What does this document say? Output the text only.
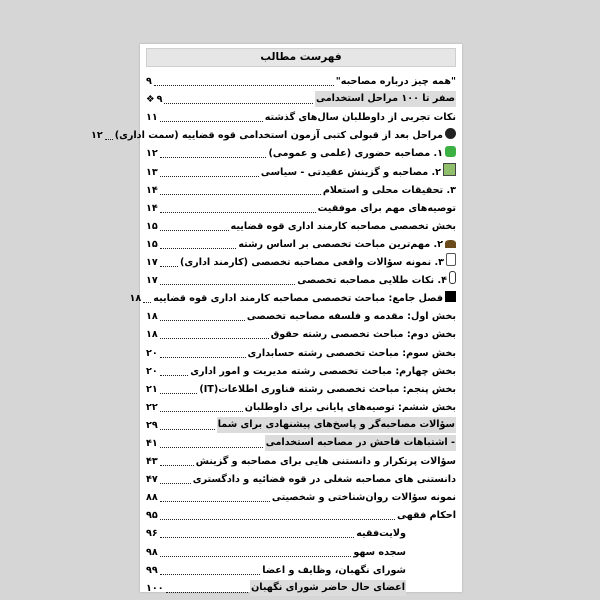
فهرست مطالب
"همه چیز درباره مصاحبه"
۹
صفر تا ۱۰۰ مراحل استخدامی
۹❖
نکات تجربی از داوطلبان سال‌های گذشته
۱۱
مراحل بعد از قبولی کتبی آزمون استخدامی قوه قضاییه (سمت اداری)
۱۲
۱. مصاحبه حضوری (علمی و عمومی)
۱۲
۲. مصاحبه و گزینش عقیدتی - سیاسی
۱۳
۳. تحقیقات محلی و استعلام
۱۴
توصیه‌های مهم برای موفقیت
۱۴
بخش تخصصی مصاحبه کارمند اداری قوه قضاییه
۱۵
۲. مهم‌ترین مباحث تخصصی بر اساس رشته
۱۵
۳. نمونه سؤالات واقعی مصاحبه تخصصی (کارمند اداری)
۱۷
۴. نکات طلایی مصاحبه تخصصی
۱۷
فصل جامع: مباحث تخصصی مصاحبه کارمند اداری قوه قضاییه
۱۸
بخش اول: مقدمه و فلسفه مصاحبه تخصصی
۱۸
بخش دوم: مباحث تخصصی رشته حقوق
۱۸
بخش سوم: مباحث تخصصی رشته حسابداری
۲۰
بخش چهارم: مباحث تخصصی رشته مدیریت و امور اداری
۲۰
بخش پنجم: مباحث تخصصی رشته فناوری اطلاعات(IT)
۲۱
بخش ششم: توصیه‌های پایانی برای داوطلبان
۲۲
سؤالات مصاحبه‌گر و پاسخ‌های پیشنهادی برای شما
۲۹
- اشتباهات فاحش در مصاحبه استخدامی
۴۱
سؤالات پرتکرار و دانستنی هایی برای مصاحبه و گزینش
۴۳
دانستنی های مصاحبه شغلی در قوه قضائیه و دادگستری
۴۷
نمونه سؤالات روان‌شناختی و شخصیتی
۸۸
احکام فقهی
۹۵
ولایت‌فقیه
۹۶
سجده سهو
۹۸
شورای نگهبان، وظایف و اعضا
۹۹
اعضای حال حاضر شورای نگهبان
۱۰۰
